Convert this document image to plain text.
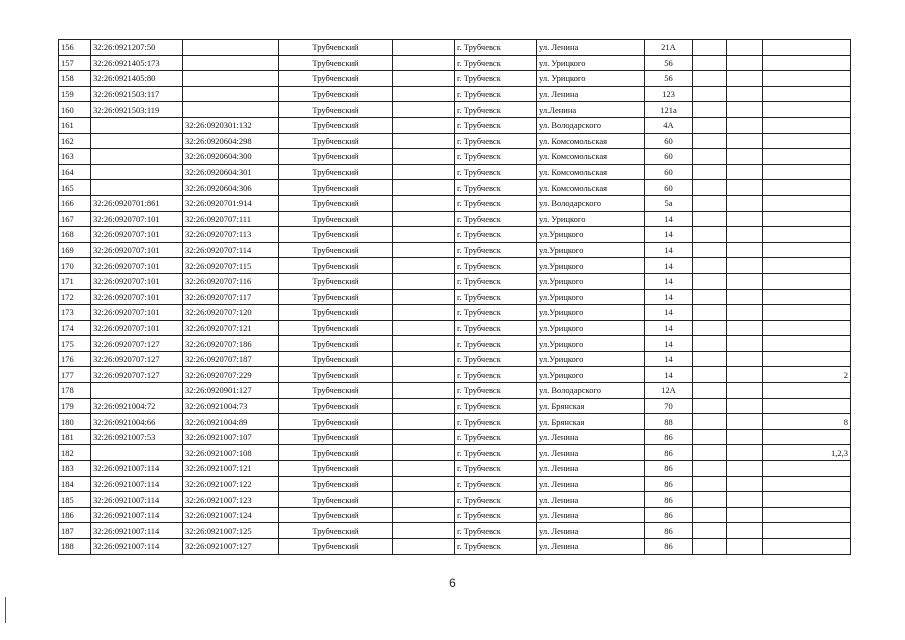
156	32:26:0921207:50		Трубчевский		г. Трубчевск	ул. Ленина	21А			
157	32:26:0921405:173		Трубчевский		г. Трубчевск	ул. Урицкого	56			
158	32:26:0921405:80		Трубчевский		г. Трубчевск	ул. Урицкого	56			
159	32:26:0921503:117		Трубчевский		г. Трубчевск	ул. Ленина	123			
160	32:26:0921503:119		Трубчевский		г. Трубчевск	ул.Ленина	121а			
161		32:26:0920301:132	Трубчевский		г. Трубчевск	ул. Володарского	4А			
162		32:26:0920604:298	Трубчевский		г. Трубчевск	ул. Комсомольская	60			
163		32:26:0920604:300	Трубчевский		г. Трубчевск	ул. Комсомольская	60			
164		32:26:0920604:301	Трубчевский		г. Трубчевск	ул. Комсомольская	60			
165		32:26:0920604:306	Трубчевский		г. Трубчевск	ул. Комсомольская	60			
166	32:26:0920701:861	32:26:0920701:914	Трубчевский		г. Трубчевск	ул. Володарского	5а			
167	32:26:0920707:101	32:26:0920707:111	Трубчевский		г. Трубчевск	ул. Урицкого	14			
168	32:26:0920707:101	32:26:0920707:113	Трубчевский		г. Трубчевск	ул.Урицкого	14			
169	32:26:0920707:101	32:26:0920707:114	Трубчевский		г. Трубчевск	ул.Урицкого	14			
170	32:26:0920707:101	32:26:0920707:115	Трубчевский		г. Трубчевск	ул.Урицкого	14			
171	32:26:0920707:101	32:26:0920707:116	Трубчевский		г. Трубчевск	ул.Урицкого	14			
172	32:26:0920707:101	32:26:0920707:117	Трубчевский		г. Трубчевск	ул.Урицкого	14			
173	32:26:0920707:101	32:26:0920707:120	Трубчевский		г. Трубчевск	ул.Урицкого	14			
174	32:26:0920707:101	32:26:0920707:121	Трубчевский		г. Трубчевск	ул.Урицкого	14			
175	32:26:0920707:127	32:26:0920707:186	Трубчевский		г. Трубчевск	ул.Урицкого	14			
176	32:26:0920707:127	32:26:0920707:187	Трубчевский		г. Трубчевск	ул.Урицкого	14			
177	32:26:0920707:127	32:26:0920707:229	Трубчевский		г. Трубчевск	ул.Урицкого	14			2
178		32:26:0920901:127	Трубчевский		г. Трубчевск	ул. Володарского	12А			
179	32:26:0921004:72	32:26:0921004:73	Трубчевский		г. Трубчевск	ул. Брянская	70			
180	32:26:0921004:66	32:26:0921004:89	Трубчевский		г. Трубчевск	ул. Брянская	88			8
181	32:26:0921007:53	32:26:0921007:107	Трубчевский		г. Трубчевск	ул. Ленина	86			
182		32:26:0921007:108	Трубчевский		г. Трубчевск	ул. Ленина	86			1,2,3
183	32:26:0921007:114	32:26:0921007:121	Трубчевский		г. Трубчевск	ул. Ленина	86			
184	32:26:0921007:114	32:26:0921007:122	Трубчевский		г. Трубчевск	ул. Ленина	86			
185	32:26:0921007:114	32:26:0921007:123	Трубчевский		г. Трубчевск	ул. Ленина	86			
186	32:26:0921007:114	32:26:0921007:124	Трубчевский		г. Трубчевск	ул. Ленина	86			
187	32:26:0921007:114	32:26:0921007:125	Трубчевский		г. Трубчевск	ул. Ленина	86			
188	32:26:0921007:114	32:26:0921007:127	Трубчевский		г. Трубчевск	ул. Ленина	86			
6
